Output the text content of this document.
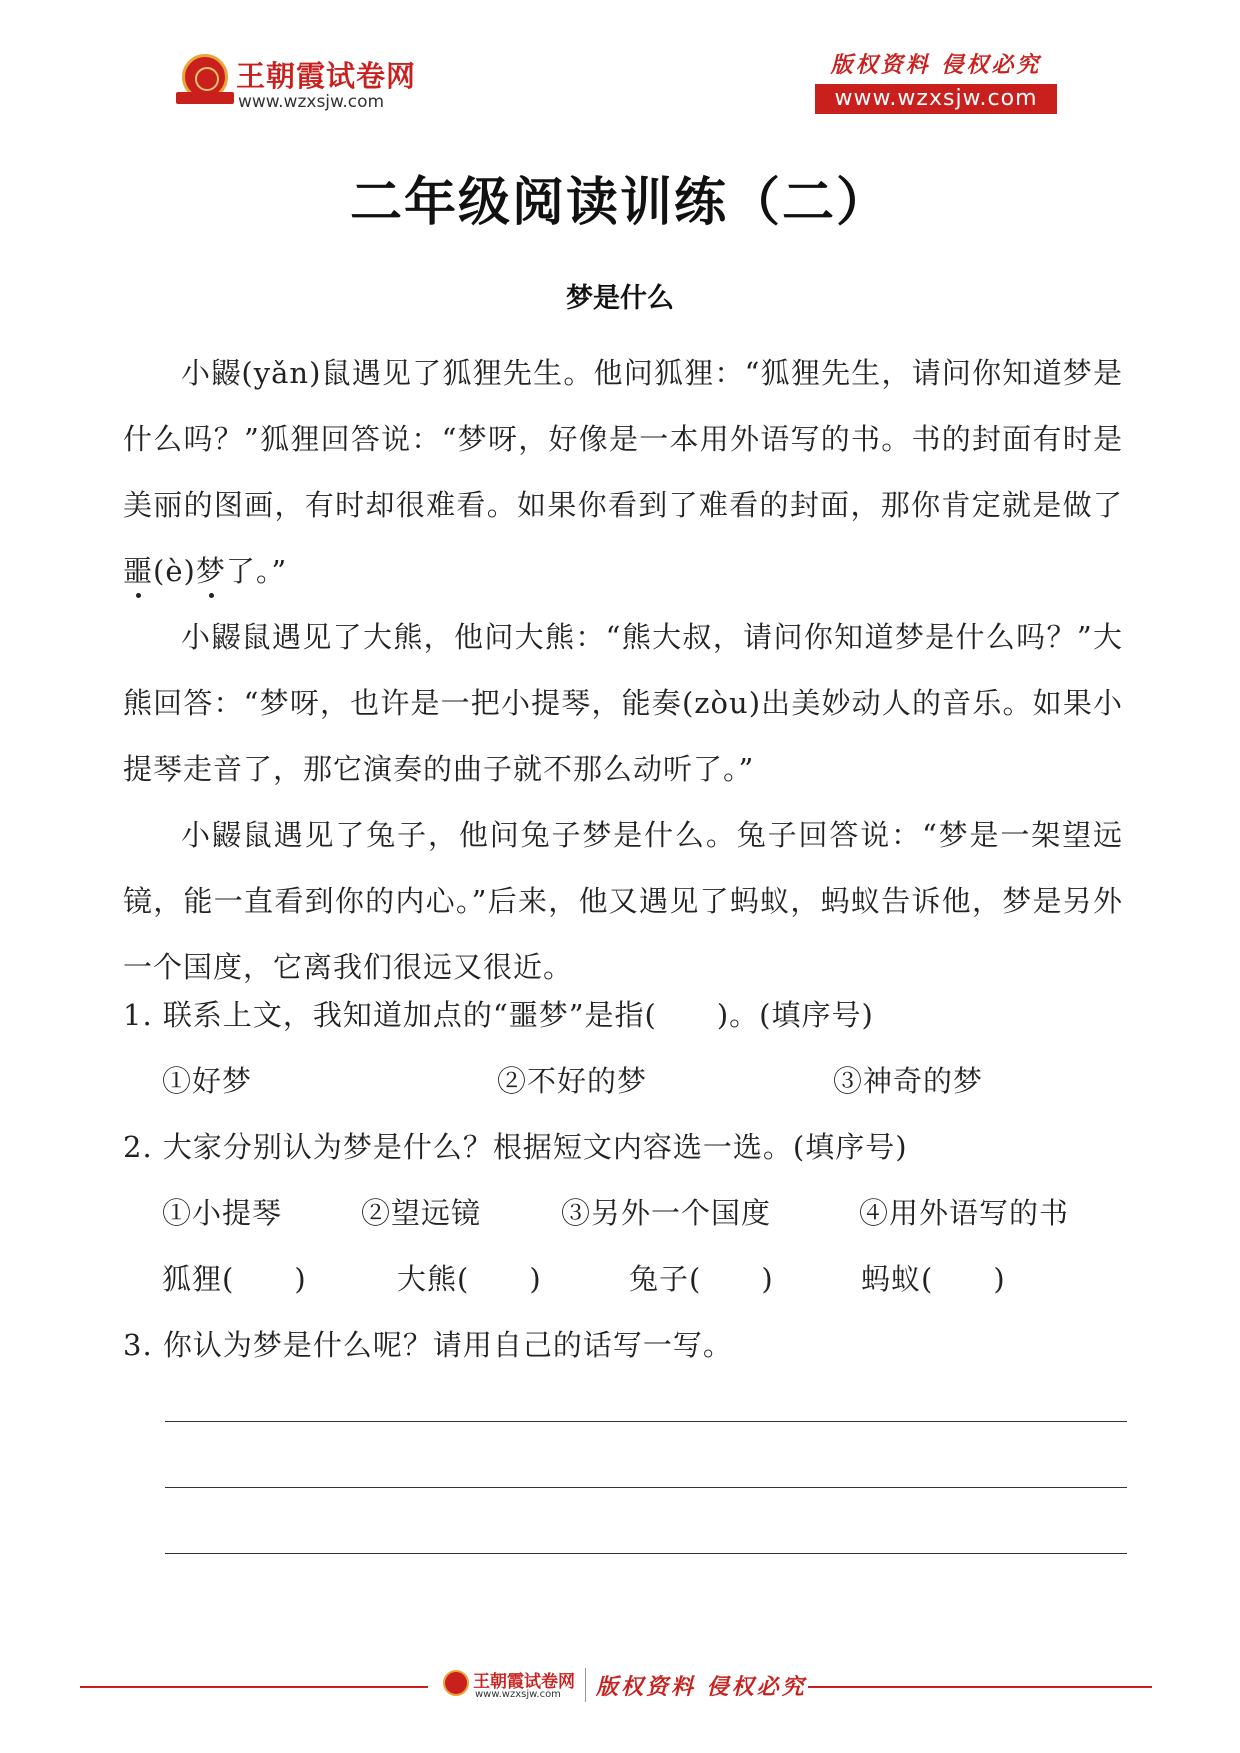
王朝霞试卷网
www.wzxsjw.com
版权资料 侵权必究
www.wzxsjw.com
二年级阅读训练（二）
梦是什么

小鼹(yǎn)鼠遇见了狐狸先生。他问狐狸：“狐狸先生，请问你知道梦是什么吗？”狐狸回答说：“梦呀，好像是一本用外语写的书。书的封面有时是美丽的图画，有时却很难看。如果你看到了难看的封面，那你肯定就是做了噩(è)梦了。”

小鼹鼠遇见了大熊，他问大熊：“熊大叔，请问你知道梦是什么吗？”大熊回答：“梦呀，也许是一把小提琴，能奏(zòu)出美妙动人的音乐。如果小提琴走音了，那它演奏的曲子就不那么动听了。”

小鼹鼠遇见了兔子，他问兔子梦是什么。兔子回答说：“梦是一架望远镜，能一直看到你的内心。”后来，他又遇见了蚂蚁，蚂蚁告诉他，梦是另外一个国度，它离我们很远又很近。

1. 联系上文，我知道加点的“噩梦”是指(　　)。(填序号)
①好梦	②不好的梦	③神奇的梦
2. 大家分别认为梦是什么？根据短文内容选一选。(填序号)
①小提琴	②望远镜	③另外一个国度	④用外语写的书
狐狸(　　)	大熊(　　)	兔子(　　)	蚂蚁(　　)
3. 你认为梦是什么呢？请用自己的话写一写。
王朝霞试卷网
www.wzxsjw.com 版权资料 侵权必究
